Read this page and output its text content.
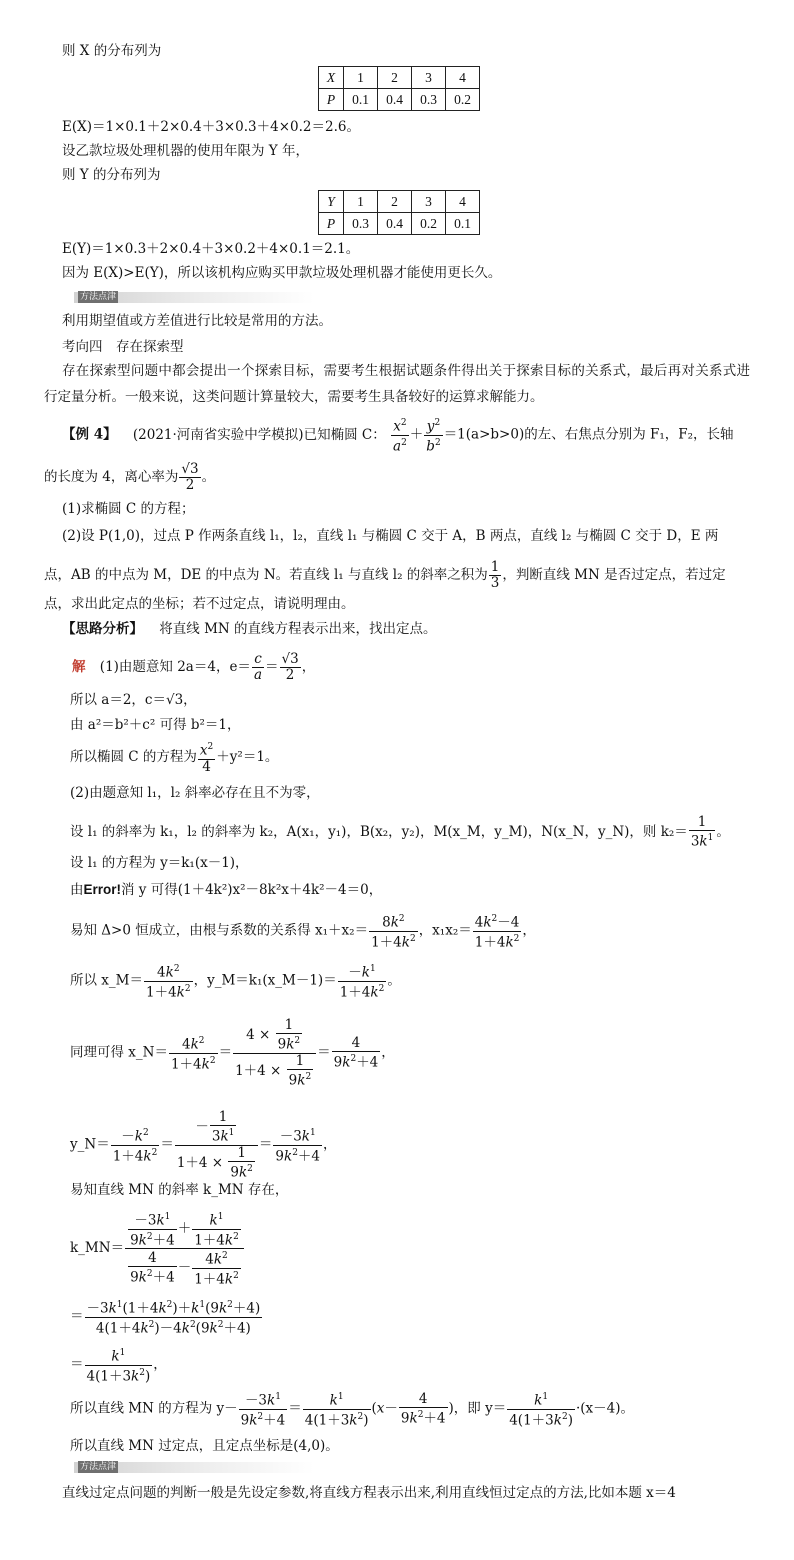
则 X 的分布列为
X	1	2	3	4
P	0.1	0.4	0.3	0.2
E(X)＝1×0.1＋2×0.4＋3×0.3＋4×0.2＝2.6。
设乙款垃圾处理机器的使用年限为 Y 年，
则 Y 的分布列为
Y	1	2	3	4
P	0.3	0.4	0.2	0.1
E(Y)＝1×0.3＋2×0.4＋3×0.2＋4×0.1＝2.1。
因为 E(X)>E(Y)，所以该机构应购买甲款垃圾处理机器才能使用更长久。
方法点津
利用期望值或方差值进行比较是常用的方法。
考向四　存在探索型
存在探索型问题中都会提出一个探索目标，需要考生根据试题条件得出关于探索目标的关系式，最后再对关系式进行定量分析。一般来说，这类问题计算量较大，需要考生具备较好的运算求解能力。
【例 4】 (2021·河南省实验中学模拟)已知椭圆 C： $\frac{x^2}{a^2} + \frac{y^2}{b^2} =1(a>b>0)$的左、右焦点分别为 F₁，F₂，长轴
的长度为 4，离心率为 $\frac{√3}{2}$ 。
(1)求椭圆 C 的方程；
(2)设 P(1,0)，过点 P 作两条直线 l₁，l₂，直线 l₁ 与椭圆 C 交于 A，B 两点，直线 l₂ 与椭圆 C 交于 D，E 两
点，AB 的中点为 M，DE 的中点为 N。若直线 l₁ 与直线 l₂ 的斜率之积为 $\frac{1}{3}$ ，判断直线 MN 是否过定点，若过定
点，求出此定点的坐标；若不过定点，请说明理由。
【思路分析】 将直线 MN 的直线方程表示出来，找出定点。
解 (1)由题意知 2a＝4，$e= \frac{c}{a} = \frac{√3}{2}$ ，
所以 a＝2，c＝√3，
由 a²＝b²＋c² 可得 b²＝1，
所以椭圆 C 的方程为 $\frac{x^2}{4} +y^2=1$。
(2)由题意知 l₁，l₂ 斜率必存在且不为零，
设 l₁ 的斜率为 k₁，l₂ 的斜率为 k₂，A(x₁，y₁)，B(x₂，y₂)，M(x_M，y_M)，N(x_N，y_N)，则 $k_2= \frac{1}{3k^1}$ 。
设 l₁ 的方程为 y＝k₁(x－1)，
由Error!消 y 可得(1＋4k²)x²－8k²x＋4k²－4＝0，
易知 Δ>0 恒成立，由根与系数的关系得 $x_1+x_2= \frac{8k^2}{1+4k^2}$ ，$x_1x_2= \frac{4k^2-4}{1+4k^2}$ ，
所以 x_M＝ $\frac{4k^2}{1+4k^2}$ ，y_M＝k₁(x_M－1)＝ $\frac{-k^1}{1+4k^2}$ 。
同理可得 x_N＝ $\frac{4k^2}{1+4k^2} = \frac{4 \times \frac{1}{9k^2}}{1+4 \times \frac{1}{9k^2}} = \frac{4}{9k^2+4}$ ，
y_N＝ $\frac{-k^2}{1+4k^2} = \frac{- \frac{1}{3k^1}}{1+4 \times \frac{1}{9k^2}} = \frac{-3k^1}{9k^2+4}$ ，
易知直线 MN 的斜率 k_MN 存在，
k_MN＝ $\frac{\frac{-3k^1}{9k^2+4} + \frac{k^1}{1+4k^2}}{\frac{4}{9k^2+4} - \frac{4k^2}{1+4k^2}}$
＝ $\frac{-3k^1(1+4k^2)+k^1(9k^2+4)}{4(1+4k^2)-4k^2(9k^2+4)}$
＝ $\frac{k^1}{4(1+3k^2)}$ ，
所以直线 MN 的方程为 $y- \frac{-3k^1}{9k^2+4} = \frac{k^1}{4(1+3k^2)} (x- \frac{4}{9k^2+4}$ )，即 $y= \frac{k^1}{4(1+3k^2)} \cdot(x-4)$。
所以直线 MN 过定点，且定点坐标是(4,0)。
方法点津
直线过定点问题的判断一般是先设定参数,将直线方程表示出来,利用直线恒过定点的方法,比如本题 x＝4
